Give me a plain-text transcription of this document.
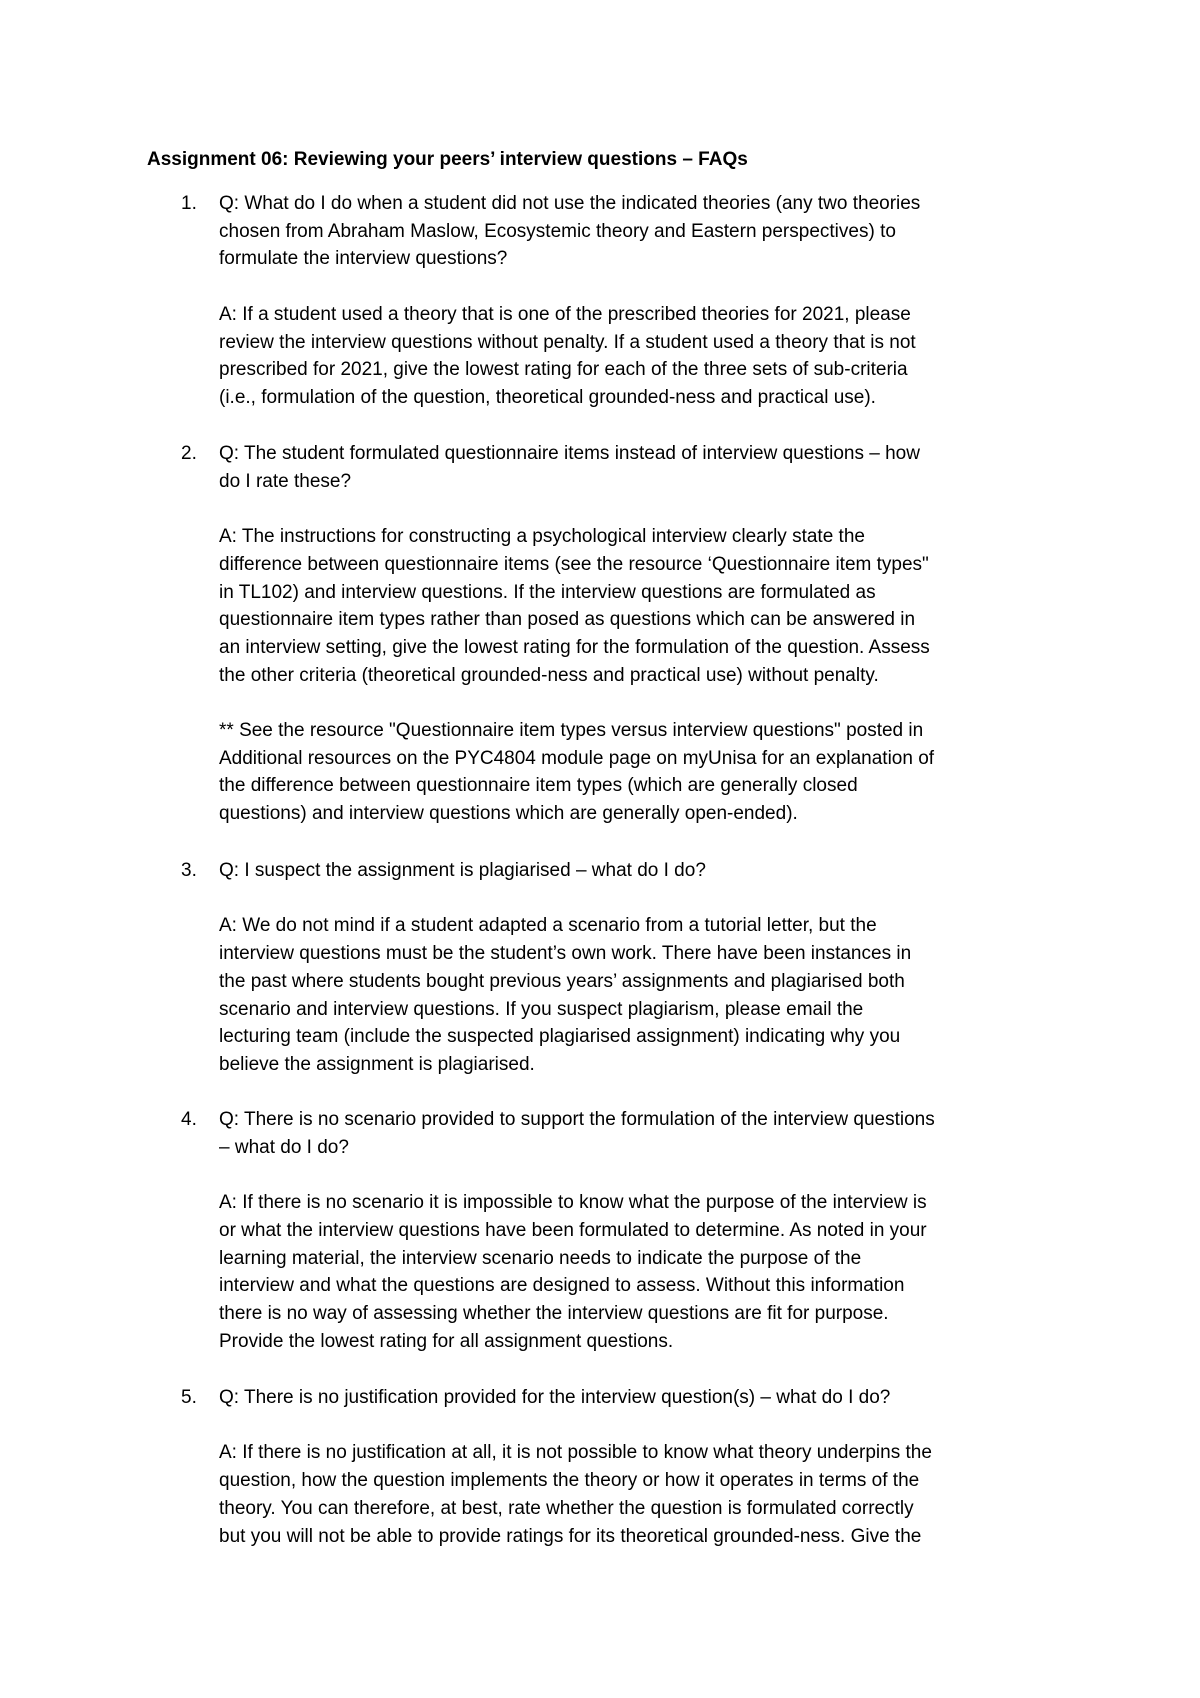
Assignment 06: Reviewing your peers’ interview questions – FAQs
1. Q: What do I do when a student did not use the indicated theories (any two theories
chosen from Abraham Maslow, Ecosystemic theory and Eastern perspectives) to
formulate the interview questions?
A: If a student used a theory that is one of the prescribed theories for 2021, please
review the interview questions without penalty. If a student used a theory that is not
prescribed for 2021, give the lowest rating for each of the three sets of sub-criteria
(i.e., formulation of the question, theoretical grounded-ness and practical use).
2. Q: The student formulated questionnaire items instead of interview questions – how
do I rate these?
A: The instructions for constructing a psychological interview clearly state the
difference between questionnaire items (see the resource ‘Questionnaire item types"
in TL102) and interview questions. If the interview questions are formulated as
questionnaire item types rather than posed as questions which can be answered in
an interview setting, give the lowest rating for the formulation of the question. Assess
the other criteria (theoretical grounded-ness and practical use) without penalty.
** See the resource "Questionnaire item types versus interview questions" posted in
Additional resources on the PYC4804 module page on myUnisa for an explanation of
the difference between questionnaire item types (which are generally closed
questions) and interview questions which are generally open-ended).
3. Q: I suspect the assignment is plagiarised – what do I do?
A: We do not mind if a student adapted a scenario from a tutorial letter, but the
interview questions must be the student’s own work. There have been instances in
the past where students bought previous years’ assignments and plagiarised both
scenario and interview questions. If you suspect plagiarism, please email the
lecturing team (include the suspected plagiarised assignment) indicating why you
believe the assignment is plagiarised.
4. Q: There is no scenario provided to support the formulation of the interview questions
– what do I do?
A: If there is no scenario it is impossible to know what the purpose of the interview is
or what the interview questions have been formulated to determine. As noted in your
learning material, the interview scenario needs to indicate the purpose of the
interview and what the questions are designed to assess. Without this information
there is no way of assessing whether the interview questions are fit for purpose.
Provide the lowest rating for all assignment questions.
5. Q: There is no justification provided for the interview question(s) – what do I do?
A: If there is no justification at all, it is not possible to know what theory underpins the
question, how the question implements the theory or how it operates in terms of the
theory. You can therefore, at best, rate whether the question is formulated correctly
but you will not be able to provide ratings for its theoretical grounded-ness. Give the
